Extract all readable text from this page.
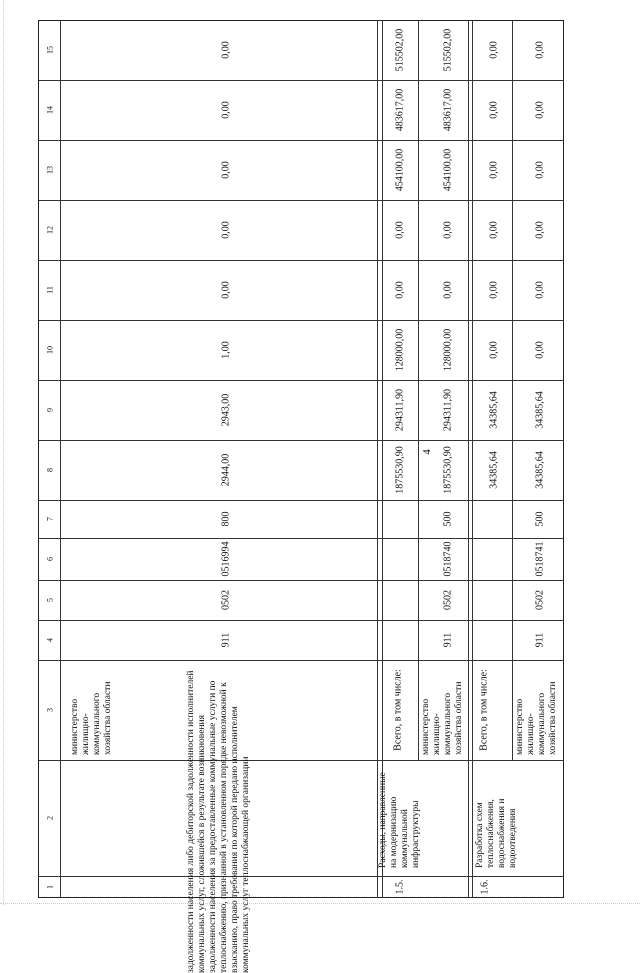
4
15
14
13
12
11
10
9
8
7
6
5
4
3
2
1	задолженности населения либо дебиторской задолженности исполнителей коммунальных услуг, сложившейся в результате возникновения задолженности населения за предоставленные коммунальные услуги по теплоснабжению, признанной в установленном порядке невозможной к взысканию, право требования по которой передано исполнителем коммунальных услуг теплоснабжающей организации
министерство жилищно-коммунального хозяйства области
911
0502
0516994
800
2944,00
2943,00
1,00
0,00
0,00
0,00
0,00
0,00
1.5.
Расходы, направленные на модернизацию коммунальной инфраструктуры
Всего, в том числе:
1875530,90
294311,90
128000,00
0,00
0,00
454100,00
483617,00
515502,00
министерство жилищно-коммунального хозяйства области
911
0502
0518740
500
1875530,90
294311,90
128000,00
0,00
0,00
454100,00
483617,00
515502,00
1.6.
Разработка схем теплоснабжения, водоснабжения и водоотведения
Всего, в том числе:
34385,64
34385,64
0,00
0,00
0,00
0,00
0,00
0,00
министерство жилищно-коммунального хозяйства области
911
0502
0518741
500
34385,64
34385,64
0,00
0,00
0,00
0,00
0,00
0,00
